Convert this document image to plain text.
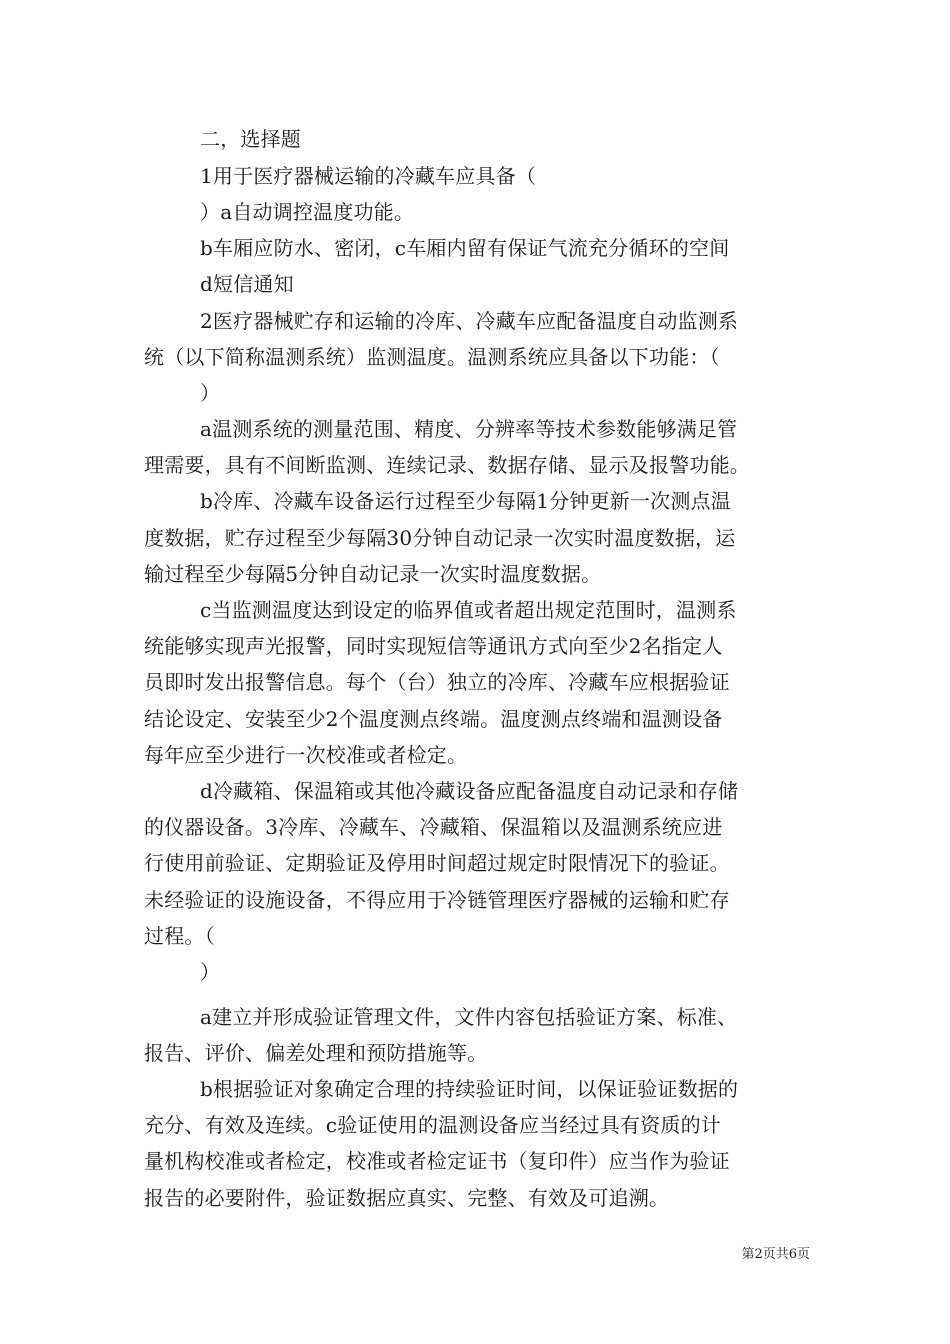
二，选择题
1用于医疗器械运输的冷藏车应具备（
）a自动调控温度功能。
b车厢应防水、密闭，c车厢内留有保证气流充分循环的空间
d短信通知
2医疗器械贮存和运输的冷库、冷藏车应配备温度自动监测系
统（以下简称温测系统）监测温度。温测系统应具备以下功能：（
）
a温测系统的测量范围、精度、分辨率等技术参数能够满足管
理需要，具有不间断监测、连续记录、数据存储、显示及报警功能。
b冷库、冷藏车设备运行过程至少每隔1分钟更新一次测点温
度数据，贮存过程至少每隔30分钟自动记录一次实时温度数据，运
输过程至少每隔5分钟自动记录一次实时温度数据。
c当监测温度达到设定的临界值或者超出规定范围时，温测系
统能够实现声光报警，同时实现短信等通讯方式向至少2名指定人
员即时发出报警信息。每个（台）独立的冷库、冷藏车应根据验证
结论设定、安装至少2个温度测点终端。温度测点终端和温测设备
每年应至少进行一次校准或者检定。
d冷藏箱、保温箱或其他冷藏设备应配备温度自动记录和存储
的仪器设备。3冷库、冷藏车、冷藏箱、保温箱以及温测系统应进
行使用前验证、定期验证及停用时间超过规定时限情况下的验证。
未经验证的设施设备，不得应用于冷链管理医疗器械的运输和贮存
过程。（
）
a建立并形成验证管理文件，文件内容包括验证方案、标准、
报告、评价、偏差处理和预防措施等。
b根据验证对象确定合理的持续验证时间，以保证验证数据的
充分、有效及连续。c验证使用的温测设备应当经过具有资质的计
量机构校准或者检定，校准或者检定证书（复印件）应当作为验证
报告的必要附件，验证数据应真实、完整、有效及可追溯。
第2页共6页
